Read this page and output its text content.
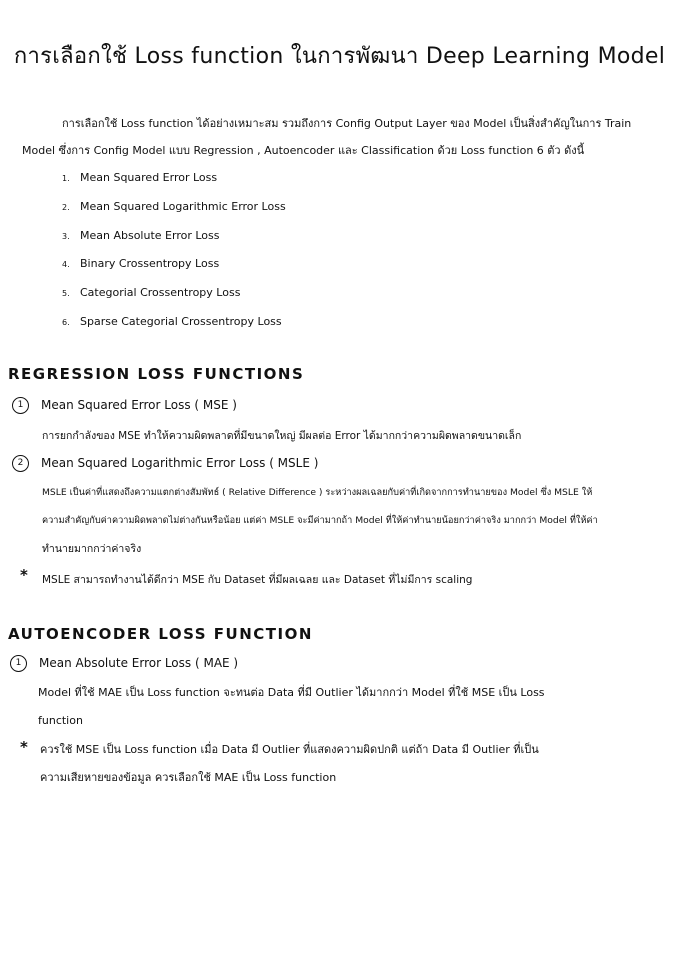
การเลือกใช้ Loss function ในการพัฒนา Deep Learning Model
การเลือกใช้ Loss function ได้อย่างเหมาะสม รวมถึงการ Config Output Layer ของ Model เป็นสิ่งสำคัญในการ Train
Model ซึ่งการ Config Model แบบ Regression , Autoencoder และ Classification ด้วย Loss function 6 ตัว ดังนี้
1. Mean Squared Error Loss
2. Mean Squared Logarithmic Error Loss
3. Mean Absolute Error Loss
4. Binary Crossentropy Loss
5. Categorial Crossentropy Loss
6. Sparse Categorial Crossentropy Loss
REGRESSION LOSS FUNCTIONS
1 Mean Squared Error Loss ( MSE )
การยกกำลังของ MSE ทำให้ความผิดพลาดที่มีขนาดใหญ่ มีผลต่อ Error ได้มากกว่าความผิดพลาดขนาดเล็ก
2 Mean Squared Logarithmic Error Loss ( MSLE )
MSLE เป็นค่าที่แสดงถึงความแตกต่างสัมพัทธ์ ( Relative Difference ) ระหว่างผลเฉลยกับค่าที่เกิดจากการทำนายของ Model ซึ่ง MSLE ให้
ความสำคัญกับค่าความผิดพลาดไม่ต่างกันหรือน้อย แต่ค่า MSLE จะมีค่ามากถ้า Model ที่ให้ค่าทำนายน้อยกว่าค่าจริง มากกว่า Model ที่ให้ค่า
ทำนายมากกว่าค่าจริง
* MSLE สามารถทำงานได้ดีกว่า MSE กับ Dataset ที่มีผลเฉลย และ Dataset ที่ไม่มีการ scaling
AUTOENCODER LOSS FUNCTION
1 Mean Absolute Error Loss ( MAE )
Model ที่ใช้ MAE เป็น Loss function จะทนต่อ Data ที่มี Outlier ได้มากกว่า Model ที่ใช้ MSE เป็น Loss
function
* ควรใช้ MSE เป็น Loss function เมื่อ Data มี Outlier ที่แสดงความผิดปกติ แต่ถ้า Data มี Outlier ที่เป็น
ความเสียหายของข้อมูล ควรเลือกใช้ MAE เป็น Loss function
